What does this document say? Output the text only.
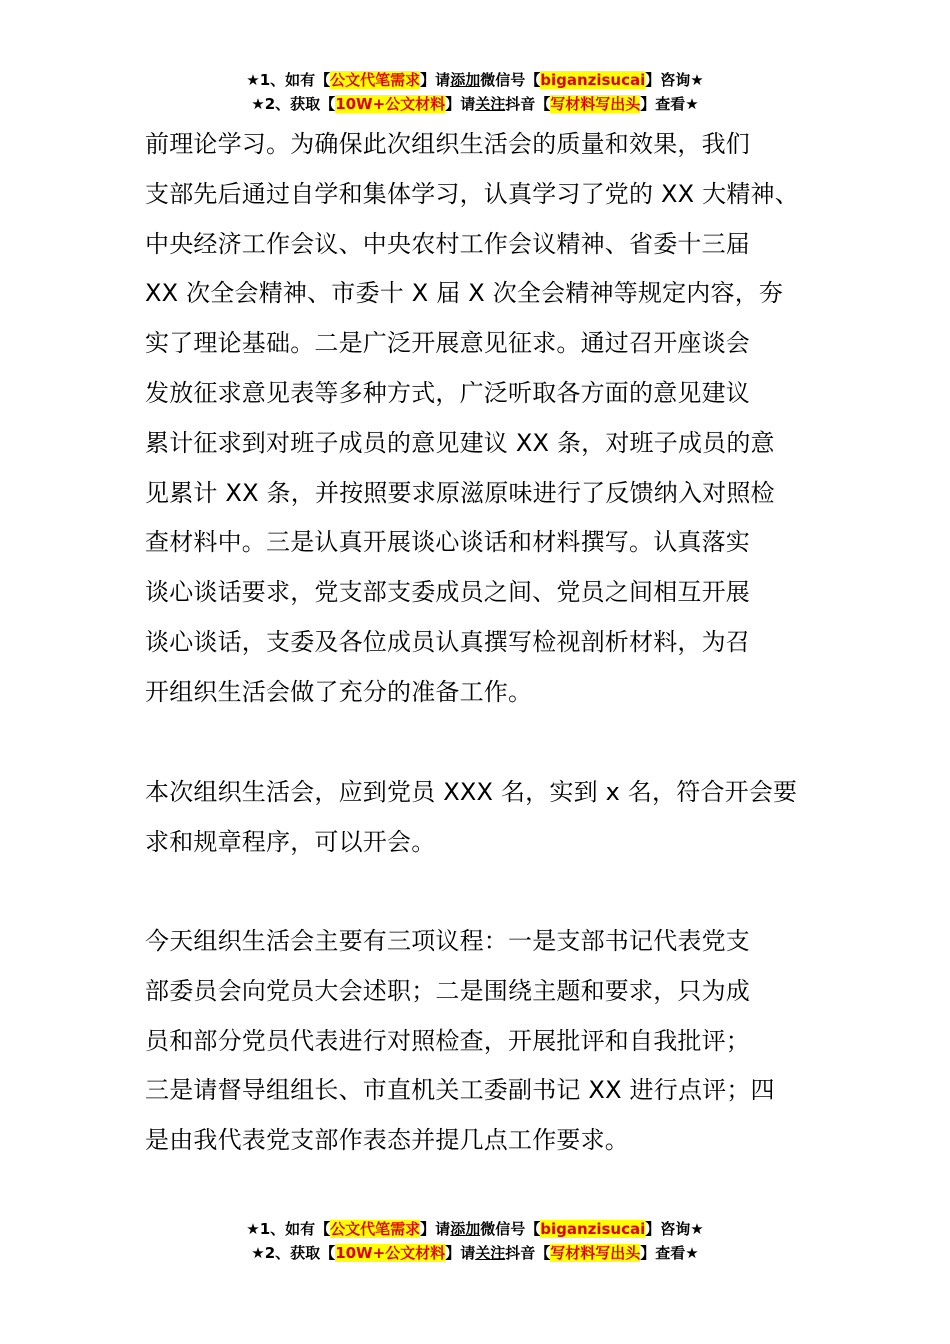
★1、如有【公文代笔需求】请添加微信号【biganzisucai】咨询★
★2、获取【10W+公文材料】请关注抖音【写材料写出头】查看★
前理论学习。为确保此次组织生活会的质量和效果，我们
支部先后通过自学和集体学习，认真学习了党的 XX 大精神、
中央经济工作会议、中央农村工作会议精神、省委十三届
XX 次全会精神、市委十 X 届 X 次全会精神等规定内容，夯
实了理论基础。二是广泛开展意见征求。通过召开座谈会
发放征求意见表等多种方式，广泛听取各方面的意见建议
累计征求到对班子成员的意见建议 XX 条，对班子成员的意
见累计 XX 条，并按照要求原滋原味进行了反馈纳入对照检
查材料中。三是认真开展谈心谈话和材料撰写。认真落实
谈心谈话要求，党支部支委成员之间、党员之间相互开展
谈心谈话，支委及各位成员认真撰写检视剖析材料，为召
开组织生活会做了充分的准备工作。
本次组织生活会，应到党员 XXX 名，实到 x 名，符合开会要
求和规章程序，可以开会。
今天组织生活会主要有三项议程：一是支部书记代表党支
部委员会向党员大会述职；二是围绕主题和要求，只为成
员和部分党员代表进行对照检查，开展批评和自我批评；
三是请督导组组长、市直机关工委副书记 XX 进行点评；四
是由我代表党支部作表态并提几点工作要求。
★1、如有【公文代笔需求】请添加微信号【biganzisucai】咨询★
★2、获取【10W+公文材料】请关注抖音【写材料写出头】查看★
